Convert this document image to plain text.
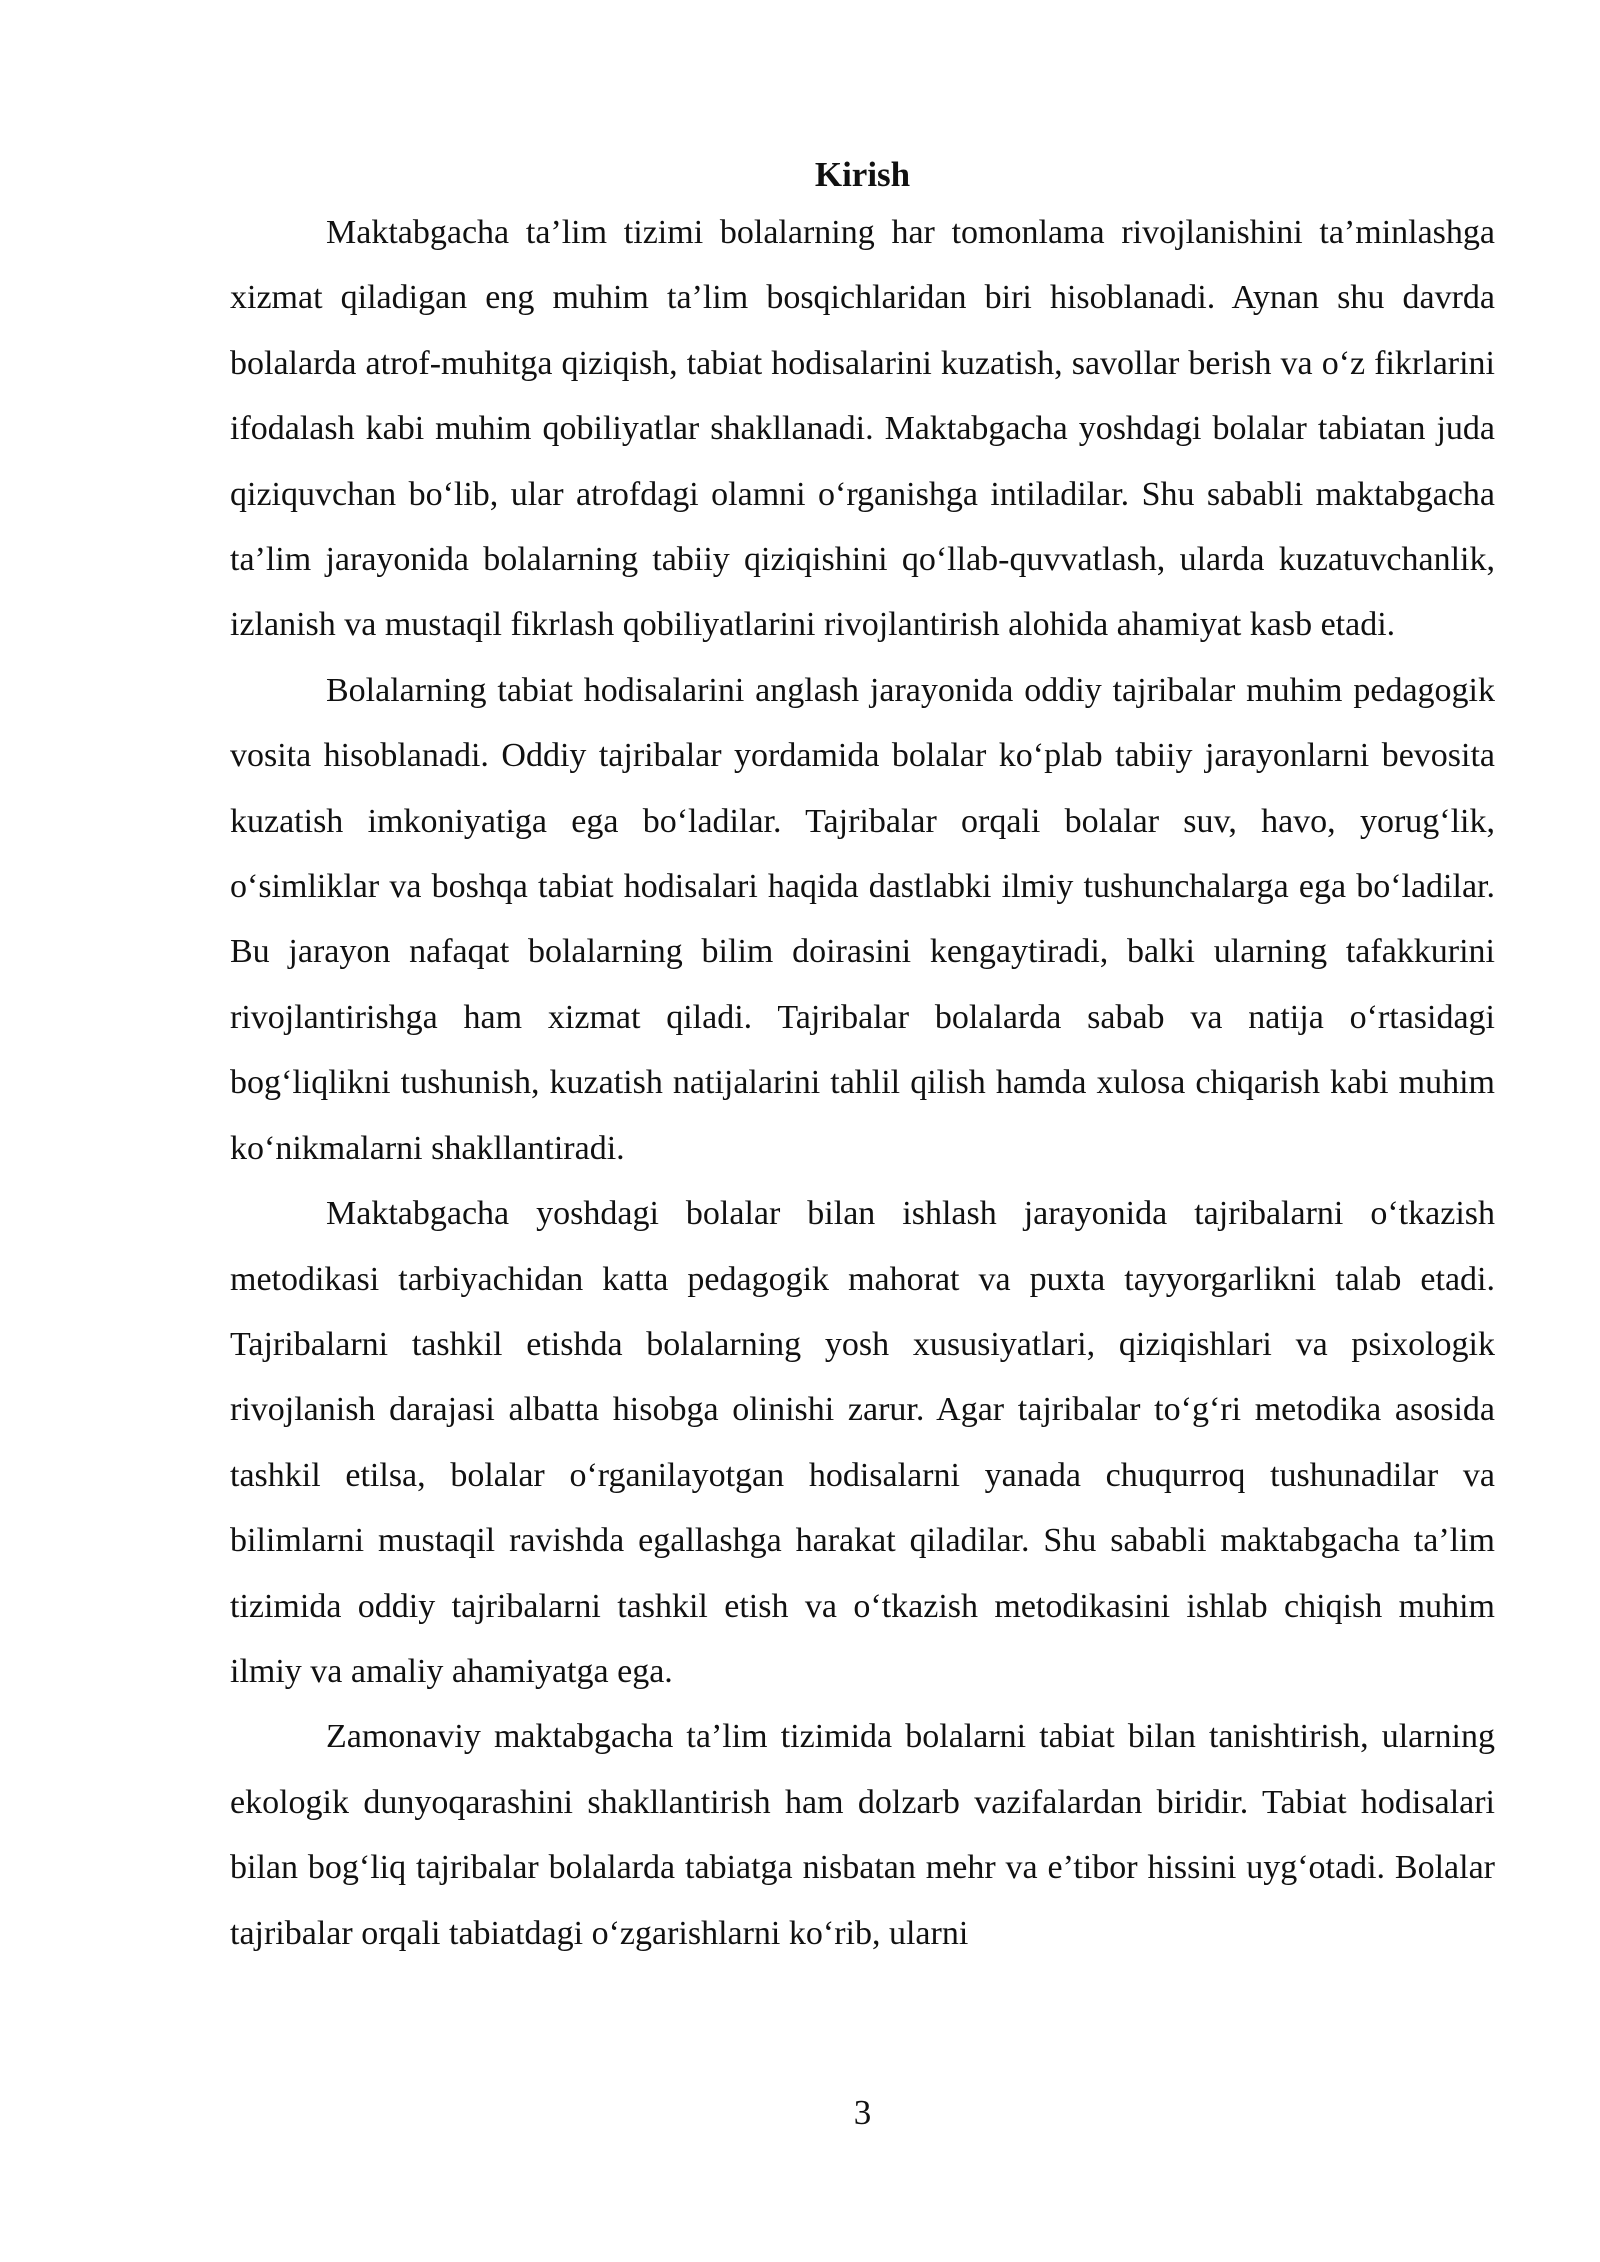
Kirish

Maktabgacha ta’lim tizimi bolalarning har tomonlama rivojlanishini ta’minlashga xizmat qiladigan eng muhim ta’lim bosqichlaridan biri hisoblanadi. Aynan shu davrda bolalarda atrof-muhitga qiziqish, tabiat hodisalarini kuzatish, savollar berish va o‘z fikrlarini ifodalash kabi muhim qobiliyatlar shakllanadi. Maktabgacha yoshdagi bolalar tabiatan juda qiziquvchan bo‘lib, ular atrofdagi olamni o‘rganishga intiladilar. Shu sababli maktabgacha ta’lim jarayonida bolalarning tabiiy qiziqishini qo‘llab-quvvatlash, ularda kuzatuvchanlik, izlanish va mustaqil fikrlash qobiliyatlarini rivojlantirish alohida ahamiyat kasb etadi.

Bolalarning tabiat hodisalarini anglash jarayonida oddiy tajribalar muhim pedagogik vosita hisoblanadi. Oddiy tajribalar yordamida bolalar ko‘plab tabiiy jarayonlarni bevosita kuzatish imkoniyatiga ega bo‘ladilar. Tajribalar orqali bolalar suv, havo, yorug‘lik, o‘simliklar va boshqa tabiat hodisalari haqida dastlabki ilmiy tushunchalarga ega bo‘ladilar. Bu jarayon nafaqat bolalarning bilim doirasini kengaytiradi, balki ularning tafakkurini rivojlantirishga ham xizmat qiladi. Tajribalar bolalarda sabab va natija o‘rtasidagi bog‘liqlikni tushunish, kuzatish natijalarini tahlil qilish hamda xulosa chiqarish kabi muhim ko‘nikmalarni shakllantiradi.

Maktabgacha yoshdagi bolalar bilan ishlash jarayonida tajribalarni o‘tkazish metodikasi tarbiyachidan katta pedagogik mahorat va puxta tayyorgarlikni talab etadi. Tajribalarni tashkil etishda bolalarning yosh xususiyatlari, qiziqishlari va psixologik rivojlanish darajasi albatta hisobga olinishi zarur. Agar tajribalar to‘g‘ri metodika asosida tashkil etilsa, bolalar o‘rganilayotgan hodisalarni yanada chuqurroq tushunadilar va bilimlarni mustaqil ravishda egallashga harakat qiladilar. Shu sababli maktabgacha ta’lim tizimida oddiy tajribalarni tashkil etish va o‘tkazish metodikasini ishlab chiqish muhim ilmiy va amaliy ahamiyatga ega.

Zamonaviy maktabgacha ta’lim tizimida bolalarni tabiat bilan tanishtirish, ularning ekologik dunyoqarashini shakllantirish ham dolzarb vazifalardan biridir. Tabiat hodisalari bilan bog‘liq tajribalar bolalarda tabiatga nisbatan mehr va e’tibor hissini uyg‘otadi. Bolalar tajribalar orqali tabiatdagi o‘zgarishlarni ko‘rib, ularni

3
